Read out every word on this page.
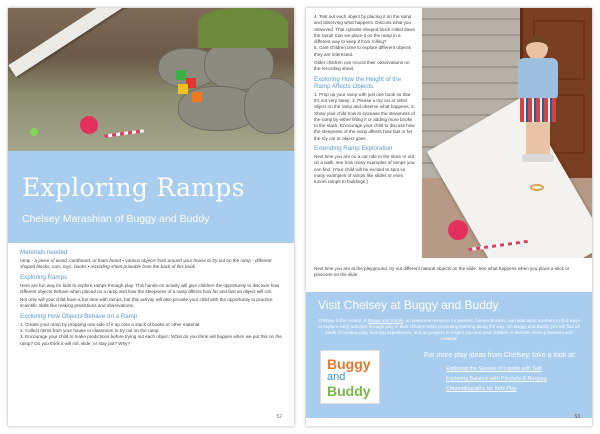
Exploring Ramps
Chelsey Marashian of Buggy and Buddy
Materials needed
ramp - a piece of wood, cardboard, or foam board • various objects from around your house to try out on the ramp - different shaped blocks, cars, toys, books • recording sheet printable from the back of this book
Exploring Ramps
Here are fun way for kids to explore ramps through play. This hands-on activity will give children the opportunity to discover how different objects behave when placed on a ramp and how the steepness of a ramp affects how far and fast an object will roll.
Not only will your child have a fun time with ramps, but this activity will also provide your child with the opportunity to practice scientific skills like making predictions and observations.
Exploring How Objects Behave on a Ramp
1. Create your ramp by propping one side of it up onto a stack of books or other material.
2. Collect items from your house or classroom to try out on the ramp.
3. Encourage your child to make predictions before trying out each object. What do you think will happen when we put this on the ramp? Do you think it will roll, slide, or stay put? Why?
52
4. Test out each object by placing it on the ramp and observing what happens. Discuss what you observed. That cylinder-shaped block rolled down the ramp! Can we place it on the ramp in a different way to keep it from rolling?
5. Give children time to explore different objects they are interested.
Older children can record their observations on the recording sheet.
Exploring How the Height of the Ramp Affects Objects
1. Prop up your ramp with just one book so that it's not very steep. 2. Please a toy car or other object on the ramp and observe what happens. 3. Show your child how to increase the steepness of the ramp by either lifting it or adding more books to the stack. Encourage your child to discuss how the steepness of the ramp affects how fast or far the toy car or object goes.
Extending Ramp Exploration
Next time you are on a car ride to the store or out on a walk, see how many examples of ramps you can find. (Your child will be excited to spot so many examples of ramps like slides or even tunnel ramps to buildings.)
Next time you are at the playground, try out different natural objects on the slide. See what happens when you place a stick or pinecone on the slide.
Visit Chelsey at Buggy and Buddy
Chelsey is the creator of Buggy and Buddy, an awesome resource for parents, homeschoolers, and education teachers to find ways to explore early activities through play in their children while promoting learning along the way. On Buggy and Buddy you will find all kinds of creative play, learning experiences, and art projects to inspire you and your children to become lifelong learners and creative!
Buggy
and
Buddy
For more play ideas from Chelsey, take a look at:
Exploring the Senses of Liquids with Salt
Exploring Balance with Pinchels & Recipes
Chromatography for Kids Play
53
